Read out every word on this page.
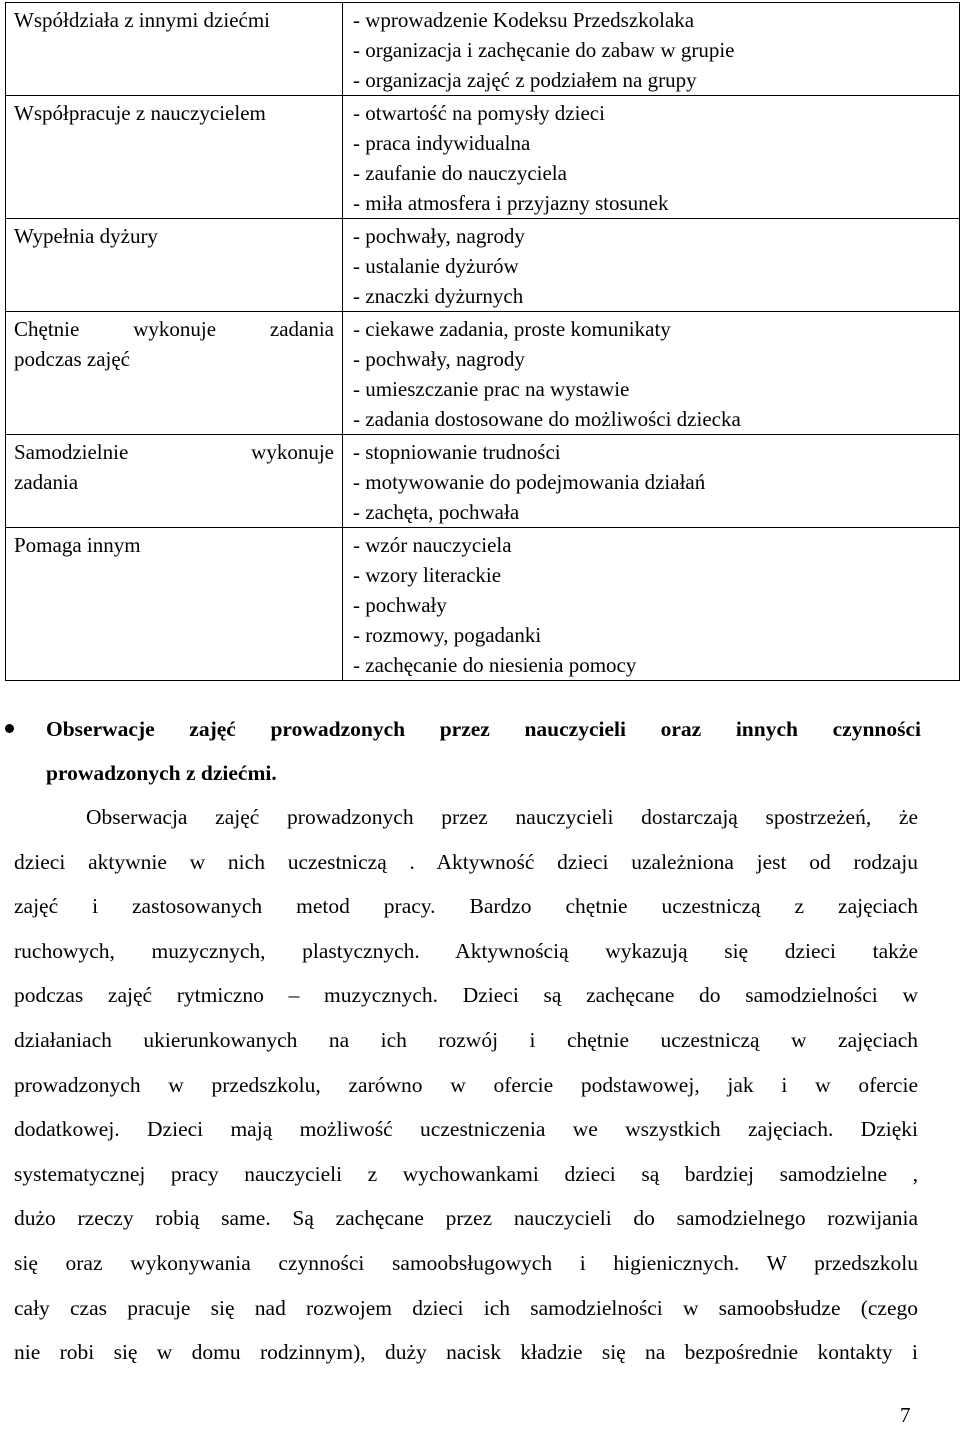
Współdziała z innymi dziećmi	- wprowadzenie Kodeksu Przedszkolaka
- organizacja i zachęcanie do zabaw w grupie
- organizacja zajęć z podziałem na grupy

Współpracuje z nauczycielem	- otwartość na pomysły dzieci
- praca indywidualna
- zaufanie do nauczyciela
- miła atmosfera i przyjazny stosunek

Wypełnia dyżury	- pochwały, nagrody
- ustalanie dyżurów
- znaczki dyżurnych

Chętnie wykonuje zadania
podczas zajęć	- ciekawe zadania, proste komunikaty
- pochwały, nagrody
- umieszczanie prac na wystawie
- zadania dostosowane do możliwości dziecka

Samodzielnie wykonuje
zadania	- stopniowanie trudności
- motywowanie do podejmowania działań
- zachęta, pochwała

Pomaga innym	- wzór nauczyciela
- wzory literackie
- pochwały
- rozmowy, pogadanki
- zachęcanie do niesienia pomocy
Obserwacje zajęć prowadzonych przez nauczycieli oraz innych czynności
prowadzonych z dziećmi.
Obserwacja zajęć prowadzonych przez nauczycieli dostarczają spostrzeżeń, że
dzieci aktywnie w nich uczestniczą . Aktywność dzieci uzależniona jest od rodzaju
zajęć i zastosowanych metod pracy. Bardzo chętnie uczestniczą z zajęciach
ruchowych, muzycznych, plastycznych. Aktywnością wykazują się dzieci także
podczas zajęć rytmiczno – muzycznych. Dzieci są zachęcane do samodzielności w
działaniach ukierunkowanych na ich rozwój i chętnie uczestniczą w zajęciach
prowadzonych w przedszkolu, zarówno w ofercie podstawowej, jak i w ofercie
dodatkowej. Dzieci mają możliwość uczestniczenia we wszystkich zajęciach. Dzięki
systematycznej pracy nauczycieli z wychowankami dzieci są bardziej samodzielne ,
dużo rzeczy robią same. Są zachęcane przez nauczycieli do samodzielnego rozwijania
się oraz wykonywania czynności samoobsługowych i higienicznych. W przedszkolu
cały czas pracuje się nad rozwojem dzieci ich samodzielności w samoobsłudze (czego
nie robi się w domu rodzinnym), duży nacisk kładzie się na bezpośrednie kontakty i
7
